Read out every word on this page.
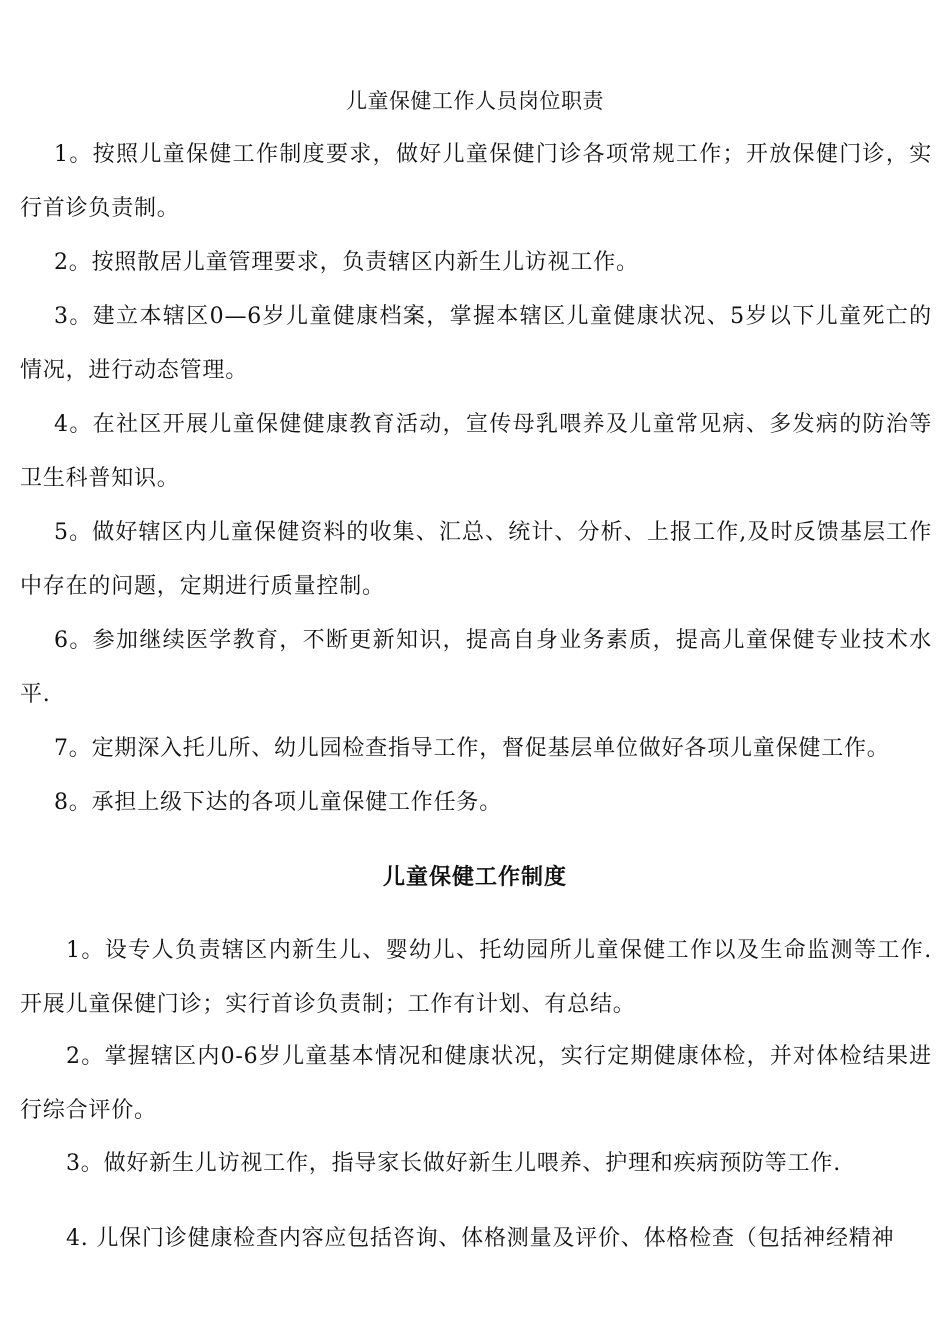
儿童保健工作人员岗位职责
1。按照儿童保健工作制度要求，做好儿童保健门诊各项常规工作；开放保健门诊，实行首诊负责制。
2。按照散居儿童管理要求，负责辖区内新生儿访视工作。
3。建立本辖区0—6岁儿童健康档案，掌握本辖区儿童健康状况、5岁以下儿童死亡的情况，进行动态管理。
4。在社区开展儿童保健健康教育活动，宣传母乳喂养及儿童常见病、多发病的防治等卫生科普知识。
5。做好辖区内儿童保健资料的收集、汇总、统计、分析、上报工作,及时反馈基层工作中存在的问题，定期进行质量控制。
6。参加继续医学教育，不断更新知识，提高自身业务素质，提高儿童保健专业技术水平.
7。定期深入托儿所、幼儿园检查指导工作，督促基层单位做好各项儿童保健工作。
8。承担上级下达的各项儿童保健工作任务。
儿童保健工作制度
1。设专人负责辖区内新生儿、婴幼儿、托幼园所儿童保健工作以及生命监测等工作.开展儿童保健门诊；实行首诊负责制；工作有计划、有总结。
2。掌握辖区内0-6岁儿童基本情况和健康状况，实行定期健康体检，并对体检结果进行综合评价。
3。做好新生儿访视工作，指导家长做好新生儿喂养、护理和疾病预防等工作.
4. 儿保门诊健康检查内容应包括咨询、体格测量及评价、体格检查（包括神经精神
